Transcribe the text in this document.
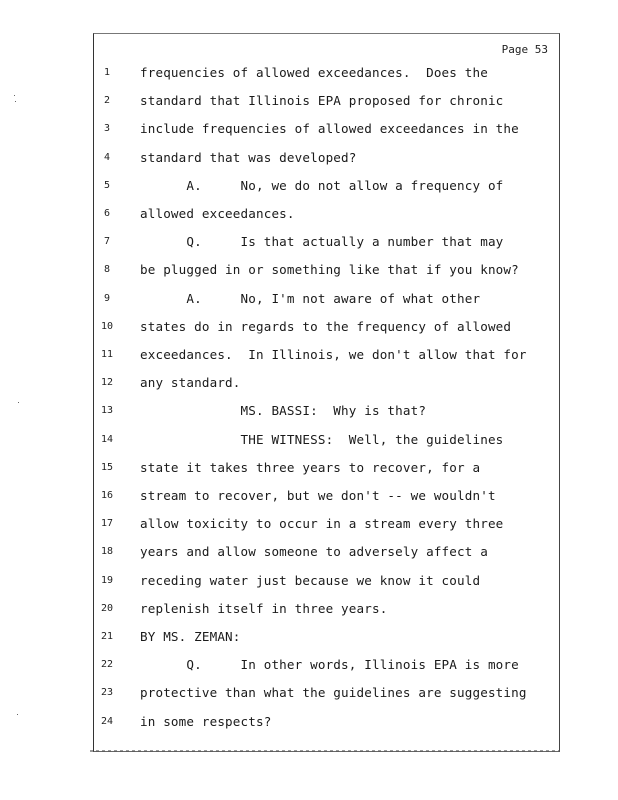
Page 53
1	frequencies of allowed exceedances.  Does the
2	standard that Illinois EPA proposed for chronic
3	include frequencies of allowed exceedances in the
4	standard that was developed?
5	A.     No, we do not allow a frequency of
6	allowed exceedances.
7	Q.     Is that actually a number that may
8	be plugged in or something like that if you know?
9	A.     No, I'm not aware of what other
10	states do in regards to the frequency of allowed
11	exceedances.  In Illinois, we don't allow that for
12	any standard.
13	MS. BASSI:  Why is that?
14	THE WITNESS:  Well, the guidelines
15	state it takes three years to recover, for a
16	stream to recover, but we don't -- we wouldn't
17	allow toxicity to occur in a stream every three
18	years and allow someone to adversely affect a
19	receding water just because we know it could
20	replenish itself in three years.
21	BY MS. ZEMAN:
22	Q.     In other words, Illinois EPA is more
23	protective than what the guidelines are suggesting
24	in some respects?
